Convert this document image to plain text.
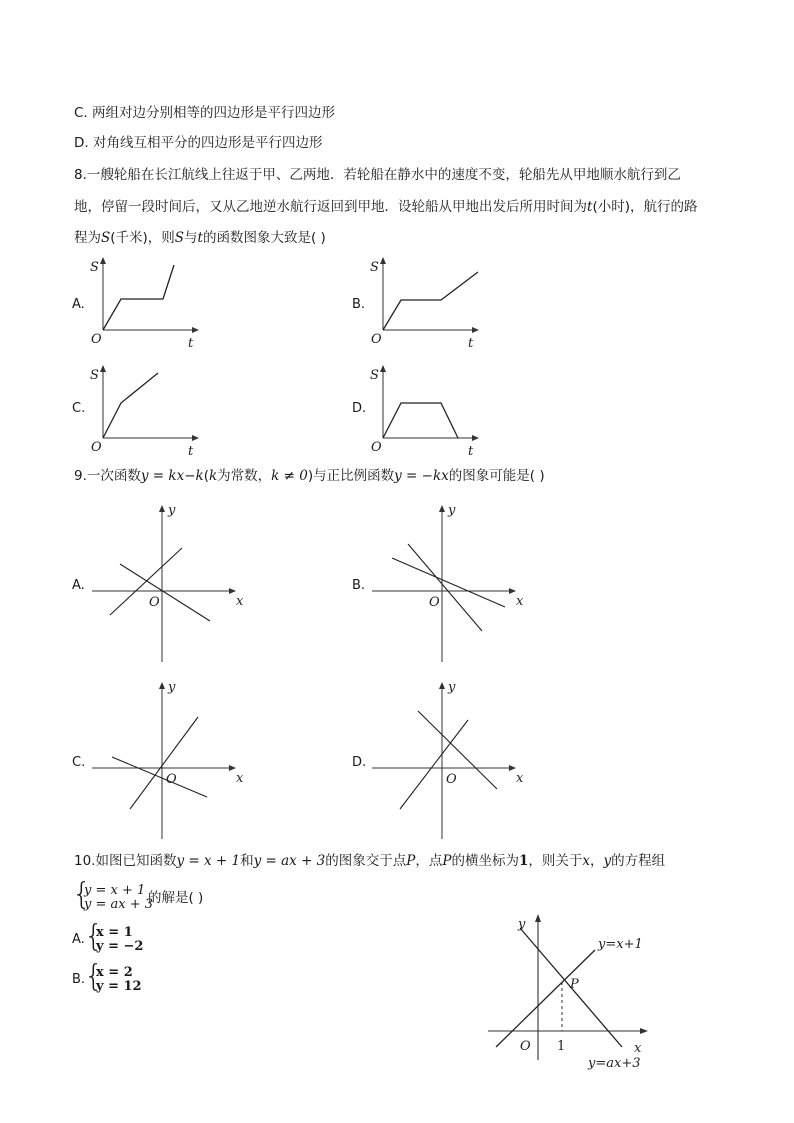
C. 两组对边分别相等的四边形是平行四边形
D. 对角线互相平分的四边形是平行四边形
8.一艘轮船在长江航线上往返于甲、乙两地．若轮船在静水中的速度不变，轮船先从甲地顺水航行到乙
地，停留一段时间后，又从乙地逆水航行返回到甲地．设轮船从甲地出发后所用时间为t(小时)，航行的路
程为S(千米)，则S与t的函数图象大致是( )
A.	B.
C.	D.
S
t
O
S
t
O
S
t
O
S
t
O
9.一次函数y = kx−k(k为常数，k ≠ 0)与正比例函数y = −kx的图象可能是( )
A.	B.
C.	D.
y
x
O
y
x
O
y
x
O
y
x
O
10.如图已知函数y = x + 1和y = ax + 3的图象交于点P，点P的横坐标为1，则关于x，y的方程组
{
y = x + 1
y = ax + 3
的解是( )
A. {
x = 1
y = −2
B.
{
x = 2
y = 12
y=x+1
y=ax+3
P
1	x
y
O
